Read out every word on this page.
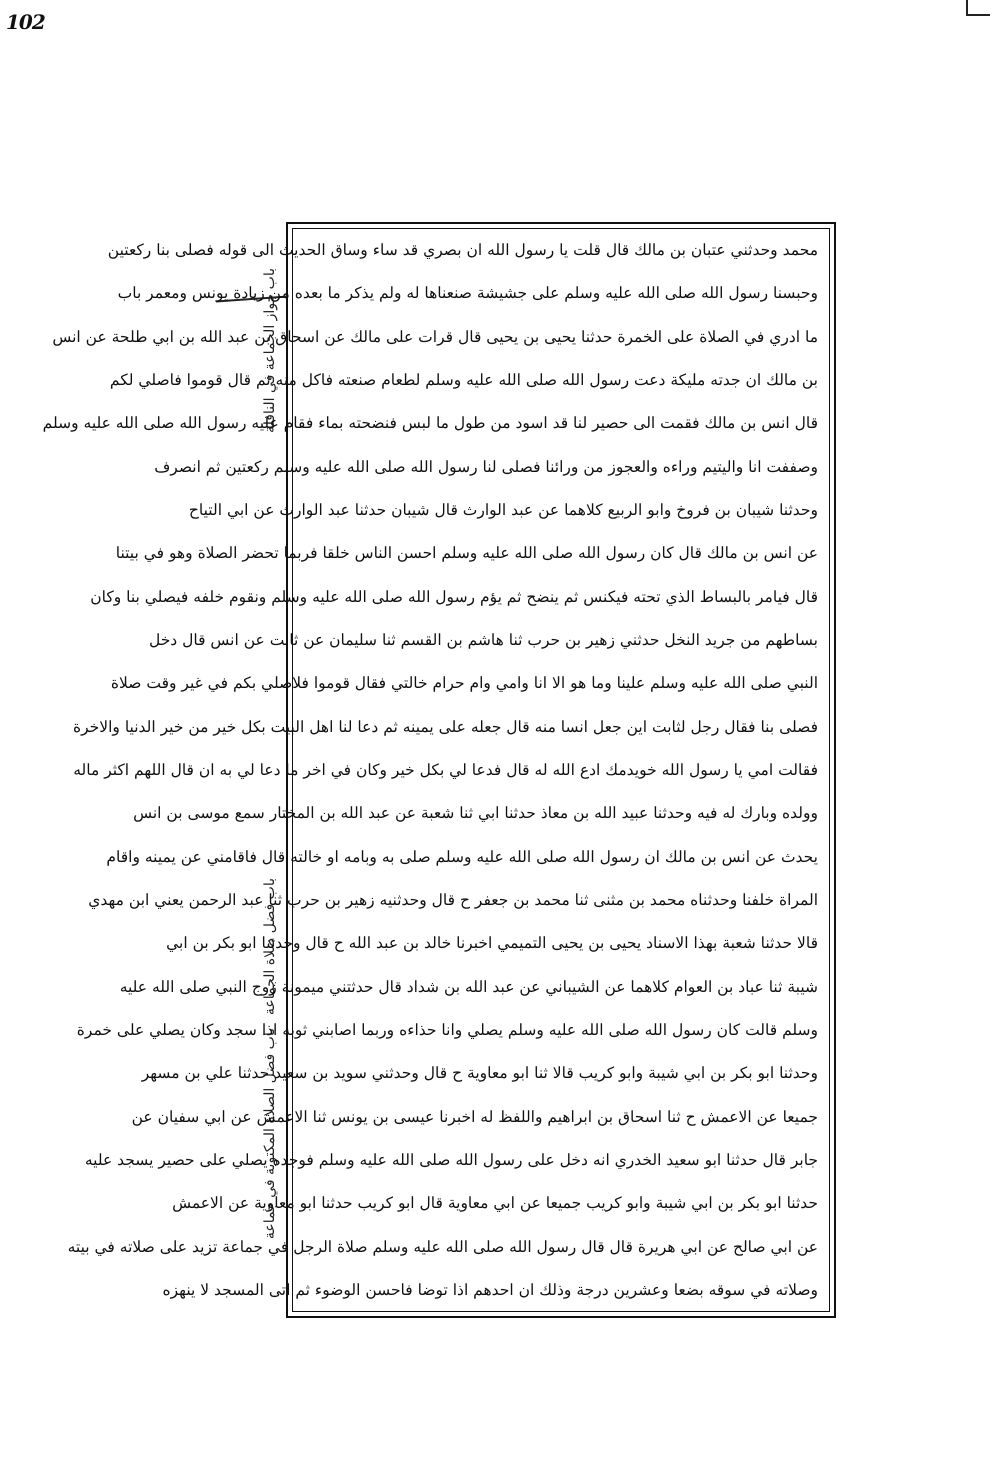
102
باب جواز الجماعة في النافلة
باب فضل صلاة الجماعة
باب فضل الصلاة المكتوبة في جماعة
محمد وحدثني عتبان بن مالك قال قلت يا رسول الله ان بصري قد ساء وساق الحديث الى قوله فصلى بنا ركعتين
وحبسنا رسول الله صلى الله عليه وسلم على جشيشة صنعناها له ولم يذكر ما بعده من زيادة يونس ومعمر باب
ما ادري في الصلاة على الخمرة حدثنا يحيى بن يحيى قال قرات على مالك عن اسحاق بن عبد الله بن ابي طلحة عن انس
بن مالك ان جدته مليكة دعت رسول الله صلى الله عليه وسلم لطعام صنعته فاكل منه ثم قال قوموا فاصلي لكم
قال انس بن مالك فقمت الى حصير لنا قد اسود من طول ما لبس فنضحته بماء فقام عليه رسول الله صلى الله عليه وسلم
وصففت انا واليتيم وراءه والعجوز من ورائنا فصلى لنا رسول الله صلى الله عليه وسلم ركعتين ثم انصرف
وحدثنا شيبان بن فروخ وابو الربيع كلاهما عن عبد الوارث قال شيبان حدثنا عبد الوارث عن ابي التياح
عن انس بن مالك قال كان رسول الله صلى الله عليه وسلم احسن الناس خلقا فربما تحضر الصلاة وهو في بيتنا
قال فيامر بالبساط الذي تحته فيكنس ثم ينضح ثم يؤم رسول الله صلى الله عليه وسلم ونقوم خلفه فيصلي بنا وكان
بساطهم من جريد النخل حدثني زهير بن حرب ثنا هاشم بن القسم ثنا سليمان عن ثابت عن انس قال دخل
النبي صلى الله عليه وسلم علينا وما هو الا انا وامي وام حرام خالتي فقال قوموا فلاصلي بكم في غير وقت صلاة
فصلى بنا فقال رجل لثابت اين جعل انسا منه قال جعله على يمينه ثم دعا لنا اهل البيت بكل خير من خير الدنيا والاخرة
فقالت امي يا رسول الله خويدمك ادع الله له قال فدعا لي بكل خير وكان في اخر ما دعا لي به ان قال اللهم اكثر ماله
وولده وبارك له فيه وحدثنا عبيد الله بن معاذ حدثنا ابي ثنا شعبة عن عبد الله بن المختار سمع موسى بن انس
يحدث عن انس بن مالك ان رسول الله صلى الله عليه وسلم صلى به وبامه او خالته قال فاقامني عن يمينه واقام
المراة خلفنا وحدثناه محمد بن مثنى ثنا محمد بن جعفر ح قال وحدثنيه زهير بن حرب ثنا عبد الرحمن يعني ابن مهدي
قالا حدثنا شعبة بهذا الاسناد يحيى بن يحيى التميمي اخبرنا خالد بن عبد الله ح قال وحدثنا ابو بكر بن ابي
شيبة ثنا عباد بن العوام كلاهما عن الشيباني عن عبد الله بن شداد قال حدثتني ميمونة زوج النبي صلى الله عليه
وسلم قالت كان رسول الله صلى الله عليه وسلم يصلي وانا حذاءه وربما اصابني ثوبه اذا سجد وكان يصلي على خمرة
وحدثنا ابو بكر بن ابي شيبة وابو كريب قالا ثنا ابو معاوية ح قال وحدثني سويد بن سعيد حدثنا علي بن مسهر
جميعا عن الاعمش ح ثنا اسحاق بن ابراهيم واللفظ له اخبرنا عيسى بن يونس ثنا الاعمش عن ابي سفيان عن
جابر قال حدثنا ابو سعيد الخدري انه دخل على رسول الله صلى الله عليه وسلم فوجده يصلي على حصير يسجد عليه
حدثنا ابو بكر بن ابي شيبة وابو كريب جميعا عن ابي معاوية قال ابو كريب حدثنا ابو معاوية عن الاعمش
عن ابي صالح عن ابي هريرة قال قال رسول الله صلى الله عليه وسلم صلاة الرجل في جماعة تزيد على صلاته في بيته
وصلاته في سوقه بضعا وعشرين درجة وذلك ان احدهم اذا توضا فاحسن الوضوء ثم اتى المسجد لا ينهزه
